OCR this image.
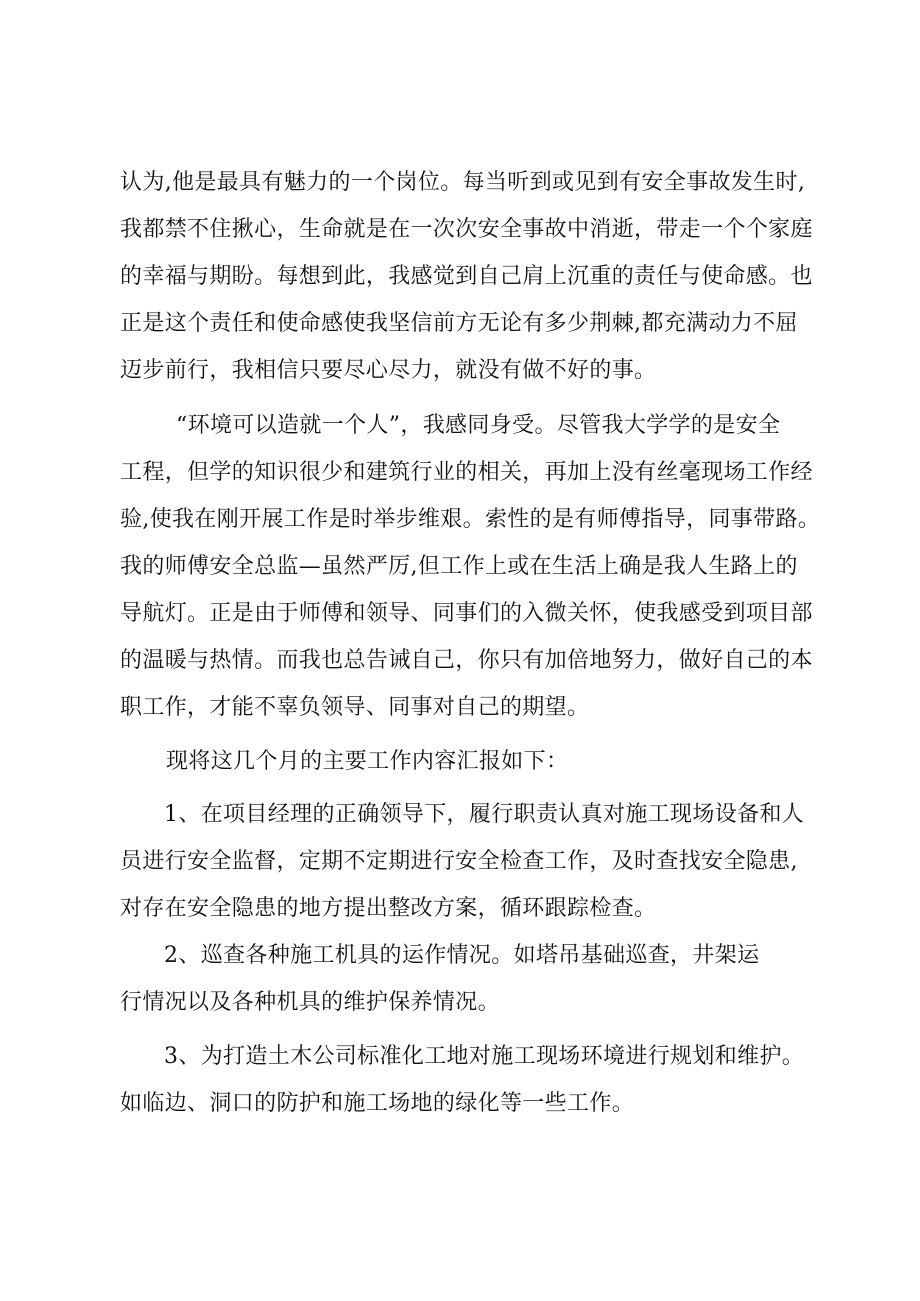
认为,他是最具有魅力的一个岗位。每当听到或见到有安全事故发生时,
我都禁不住揪心，生命就是在一次次安全事故中消逝，带走一个个家庭
的幸福与期盼。每想到此，我感觉到自己肩上沉重的责任与使命感。也
正是这个责任和使命感使我坚信前方无论有多少荆棘,都充满动力不屈
迈步前行，我相信只要尽心尽力，就没有做不好的事。
“环境可以造就一个人”，我感同身受。尽管我大学学的是安全
工程，但学的知识很少和建筑行业的相关，再加上没有丝毫现场工作经
验,使我在刚开展工作是时举步维艰。索性的是有师傅指导，同事带路。
我的师傅安全总监—虽然严厉,但工作上或在生活上确是我人生路上的
导航灯。正是由于师傅和领导、同事们的入微关怀，使我感受到项目部
的温暖与热情。而我也总告诫自己，你只有加倍地努力，做好自己的本
职工作，才能不辜负领导、同事对自己的期望。
现将这几个月的主要工作内容汇报如下：
1、在项目经理的正确领导下，履行职责认真对施工现场设备和人
员进行安全监督，定期不定期进行安全检查工作，及时查找安全隐患,
对存在安全隐患的地方提出整改方案，循环跟踪检查。
2、巡查各种施工机具的运作情况。如塔吊基础巡查，井架运
行情况以及各种机具的维护保养情况。
3、为打造土木公司标准化工地对施工现场环境进行规划和维护。
如临边、洞口的防护和施工场地的绿化等一些工作。
